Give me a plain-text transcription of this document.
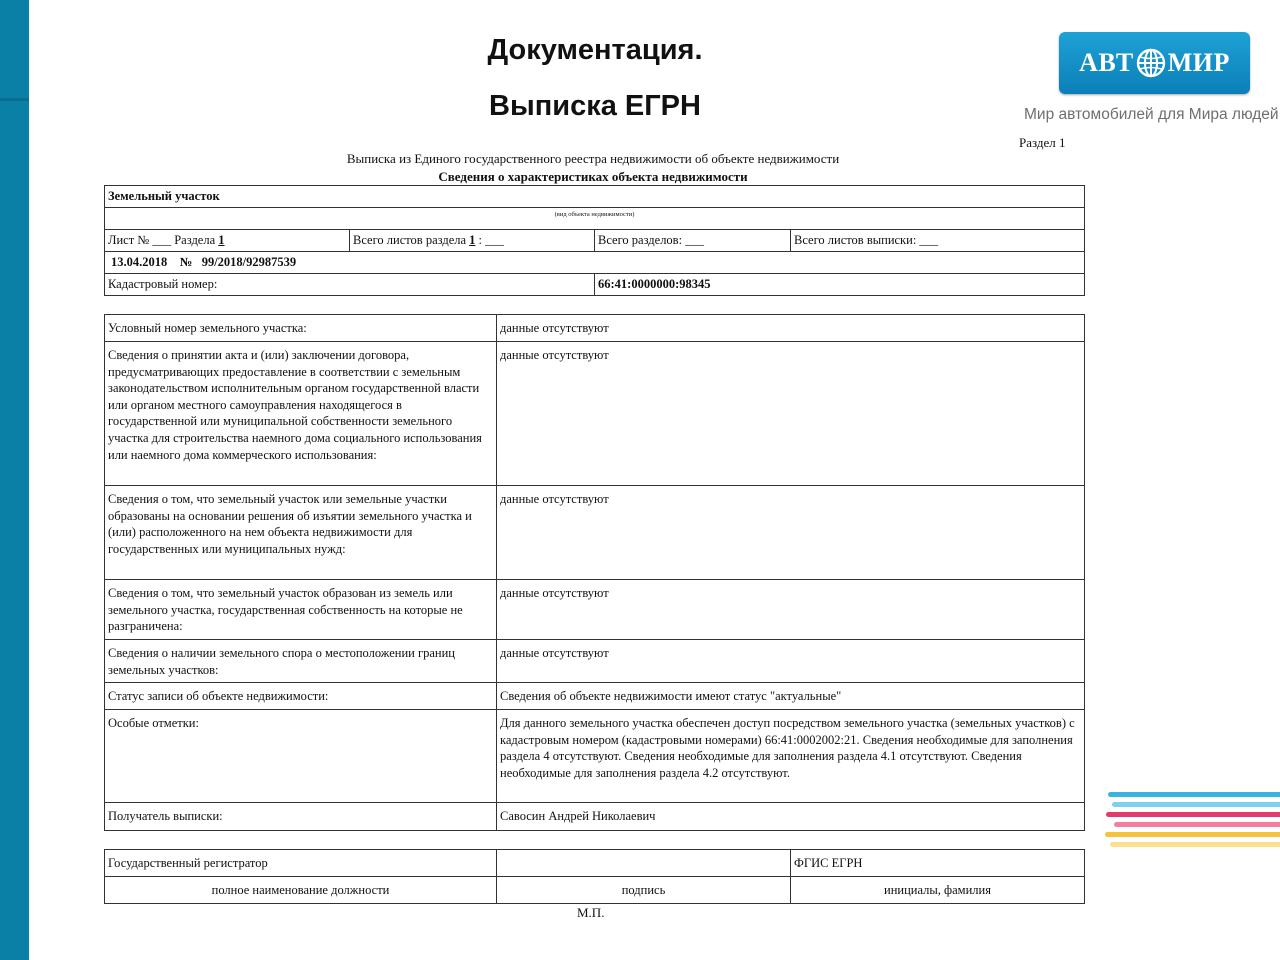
Документация.
Выписка ЕГРН
АВТ МИР
Мир автомобилей для Мира людей
Раздел 1
Выписка из Единого государственного реестра недвижимости об объекте недвижимости
Сведения о характеристиках объекта недвижимости
Земельный участок			
(вид объекта недвижимости)			
Лист № ___ Раздела 1	Всего листов раздела 1 : ___	Всего разделов: ___	Всего листов выписки: ___
13.04.2018 № 99/2018/92987539			
Кадастровый номер:		66:41:0000000:98345	
Условный номер земельного участка:	данные отсутствуют
Сведения о принятии акта и (или) заключении договора, предусматривающих предоставление в соответствии с земельным законодательством исполнительным органом государственной власти или органом местного самоуправления находящегося в государственной или муниципальной собственности земельного участка для строительства наемного дома социального использования или наемного дома коммерческого использования:	данные отсутствуют
Сведения о том, что земельный участок или земельные участки образованы на основании решения об изъятии земельного участка и (или) расположенного на нем объекта недвижимости для государственных или муниципальных нужд:	данные отсутствуют
Сведения о том, что земельный участок образован из земель или земельного участка, государственная собственность на которые не разграничена:	данные отсутствуют
Сведения о наличии земельного спора о местоположении границ земельных участков:	данные отсутствуют
Статус записи об объекте недвижимости:	Сведения об объекте недвижимости имеют статус "актуальные"
Особые отметки:	Для данного земельного участка обеспечен доступ посредством земельного участка (земельных участков) с кадастровым номером (кадастровыми номерами) 66:41:0002002:21. Сведения необходимые для заполнения раздела 4 отсутствуют. Сведения необходимые для заполнения раздела 4.1 отсутствуют. Сведения необходимые для заполнения раздела 4.2 отсутствуют.
Получатель выписки:	Савосин Андрей Николаевич
Государственный регистратор		ФГИС ЕГРН
полное наименование должности	подпись	инициалы, фамилия
М.П.
